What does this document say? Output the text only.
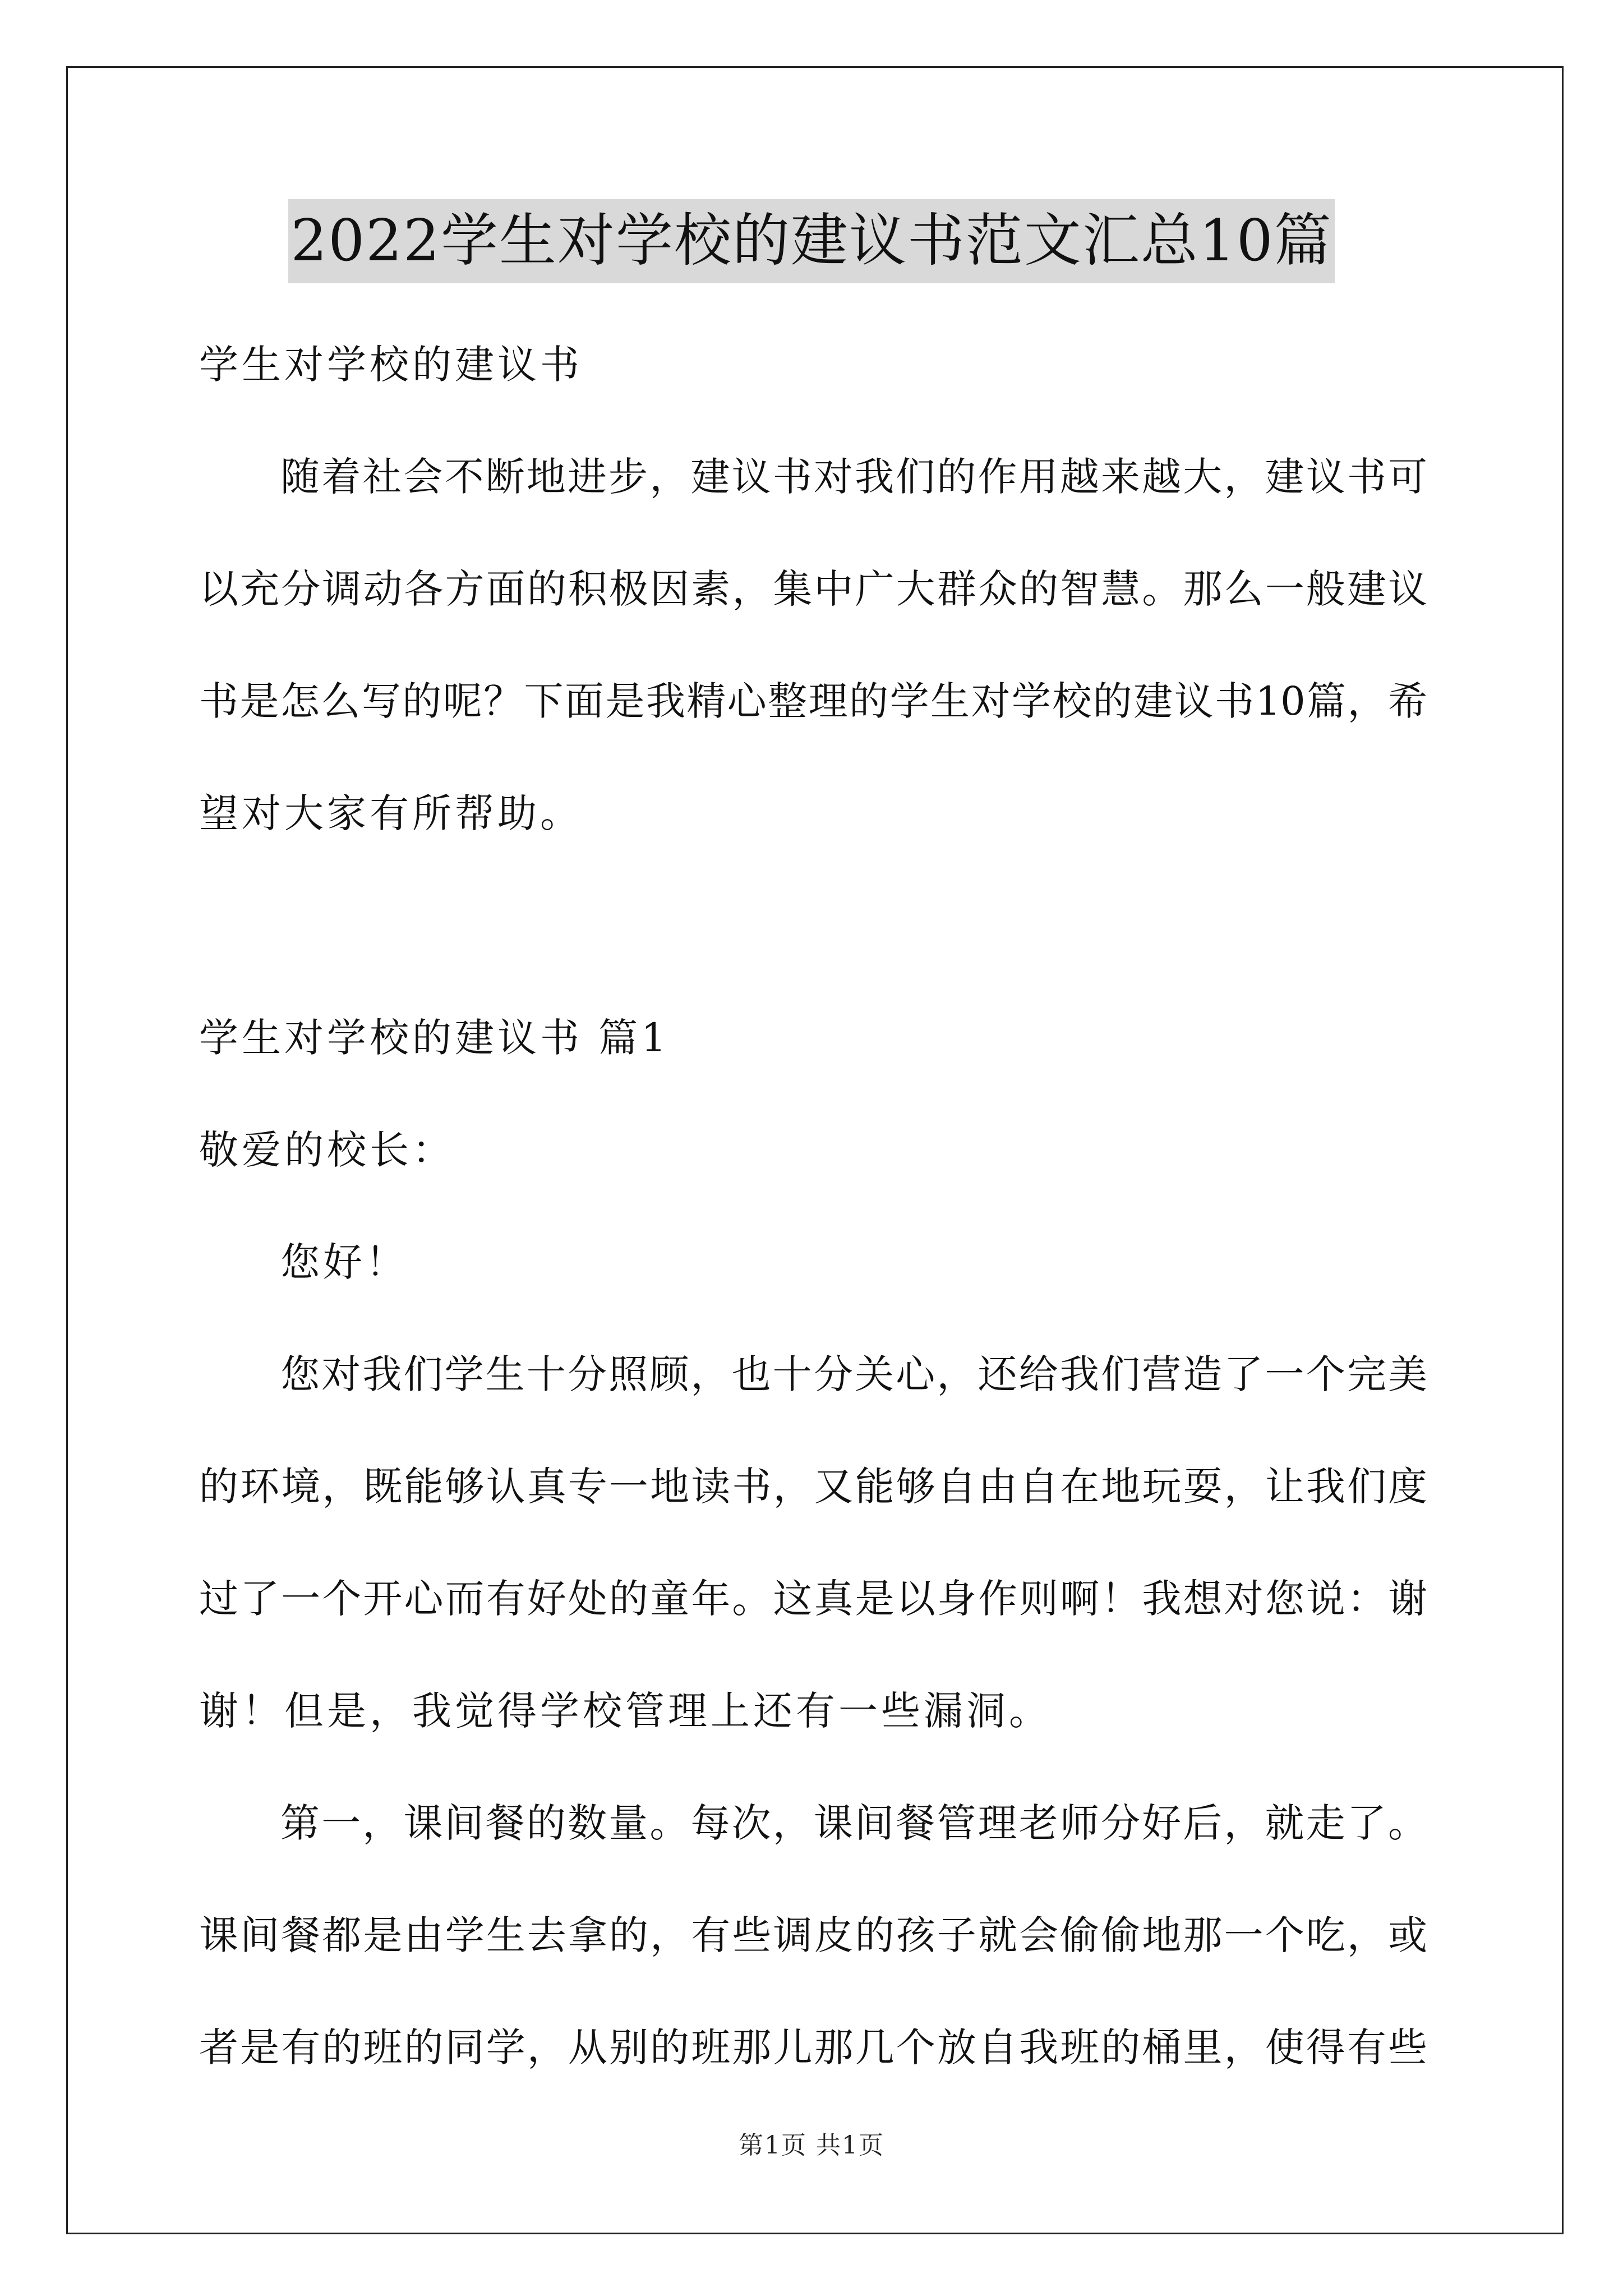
2022学生对学校的建议书范文汇总10篇
学生对学校的建议书
随着社会不断地进步，建议书对我们的作用越来越大，建议书可
以充分调动各方面的积极因素，集中广大群众的智慧。那么一般建议
书是怎么写的呢？下面是我精心整理的学生对学校的建议书10篇，希
望对大家有所帮助。
学生对学校的建议书 篇1
敬爱的校长：
您好！
您对我们学生十分照顾，也十分关心，还给我们营造了一个完美
的环境，既能够认真专一地读书，又能够自由自在地玩耍，让我们度
过了一个开心而有好处的童年。这真是以身作则啊！我想对您说：谢
谢！但是，我觉得学校管理上还有一些漏洞。
第一，课间餐的数量。每次，课间餐管理老师分好后，就走了。
课间餐都是由学生去拿的，有些调皮的孩子就会偷偷地那一个吃，或
者是有的班的同学，从别的班那儿那几个放自我班的桶里，使得有些
第1页 共1页
